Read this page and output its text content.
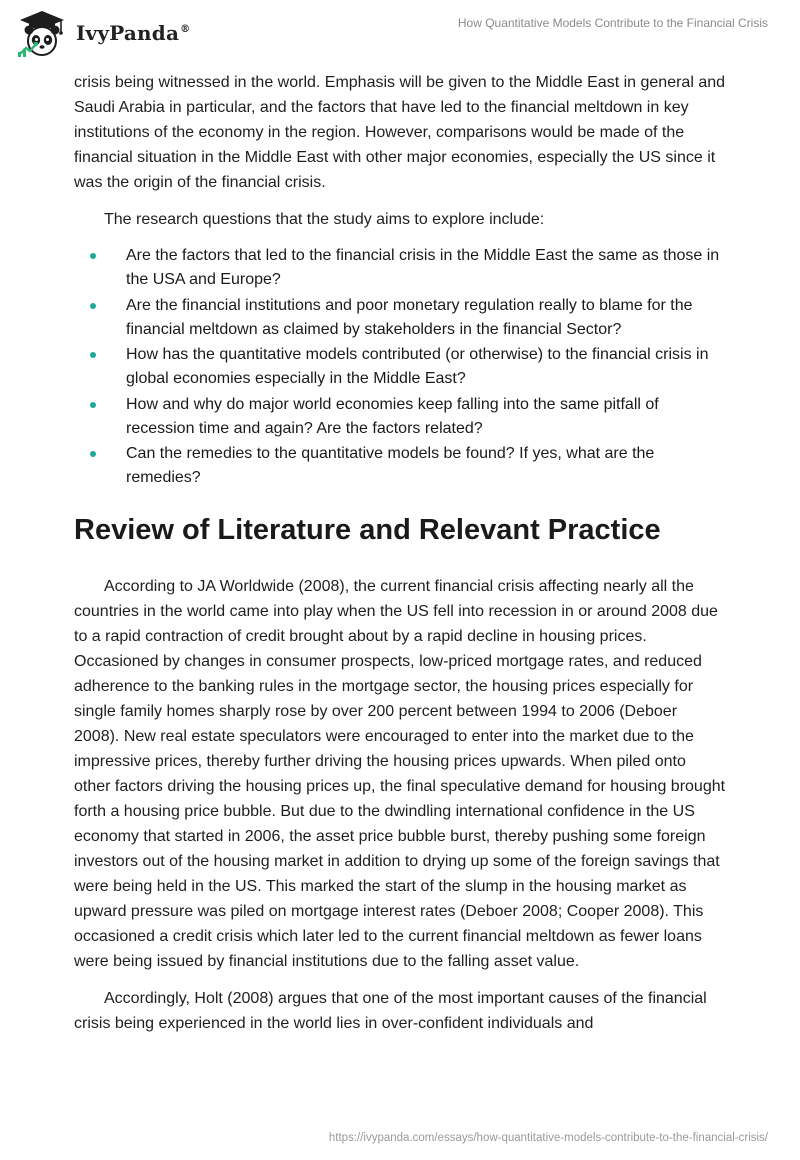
IvyPanda®	How Quantitative Models Contribute to the Financial Crisis

crisis being witnessed in the world. Emphasis will be given to the Middle East in general and Saudi Arabia in particular, and the factors that have led to the financial meltdown in key institutions of the economy in the region. However, comparisons would be made of the financial situation in the Middle East with other major economies, especially the US since it was the origin of the financial crisis.

The research questions that the study aims to explore include:

Are the factors that led to the financial crisis in the Middle East the same as those in the USA and Europe?
Are the financial institutions and poor monetary regulation really to blame for the financial meltdown as claimed by stakeholders in the financial Sector?
How has the quantitative models contributed (or otherwise) to the financial crisis in global economies especially in the Middle East?
How and why do major world economies keep falling into the same pitfall of recession time and again? Are the factors related?
Can the remedies to the quantitative models be found? If yes, what are the remedies?
Review of Literature and Relevant Practice

According to JA Worldwide (2008), the current financial crisis affecting nearly all the countries in the world came into play when the US fell into recession in or around 2008 due to a rapid contraction of credit brought about by a rapid decline in housing prices. Occasioned by changes in consumer prospects, low-priced mortgage rates, and reduced adherence to the banking rules in the mortgage sector, the housing prices especially for single family homes sharply rose by over 200 percent between 1994 to 2006 (Deboer 2008). New real estate speculators were encouraged to enter into the market due to the impressive prices, thereby further driving the housing prices upwards. When piled onto other factors driving the housing prices up, the final speculative demand for housing brought forth a housing price bubble. But due to the dwindling international confidence in the US economy that started in 2006, the asset price bubble burst, thereby pushing some foreign investors out of the housing market in addition to drying up some of the foreign savings that were being held in the US. This marked the start of the slump in the housing market as upward pressure was piled on mortgage interest rates (Deboer 2008; Cooper 2008). This occasioned a credit crisis which later led to the current financial meltdown as fewer loans were being issued by financial institutions due to the falling asset value.

Accordingly, Holt (2008) argues that one of the most important causes of the financial crisis being experienced in the world lies in over-confident individuals and

https://ivypanda.com/essays/how-quantitative-models-contribute-to-the-financial-crisis/
